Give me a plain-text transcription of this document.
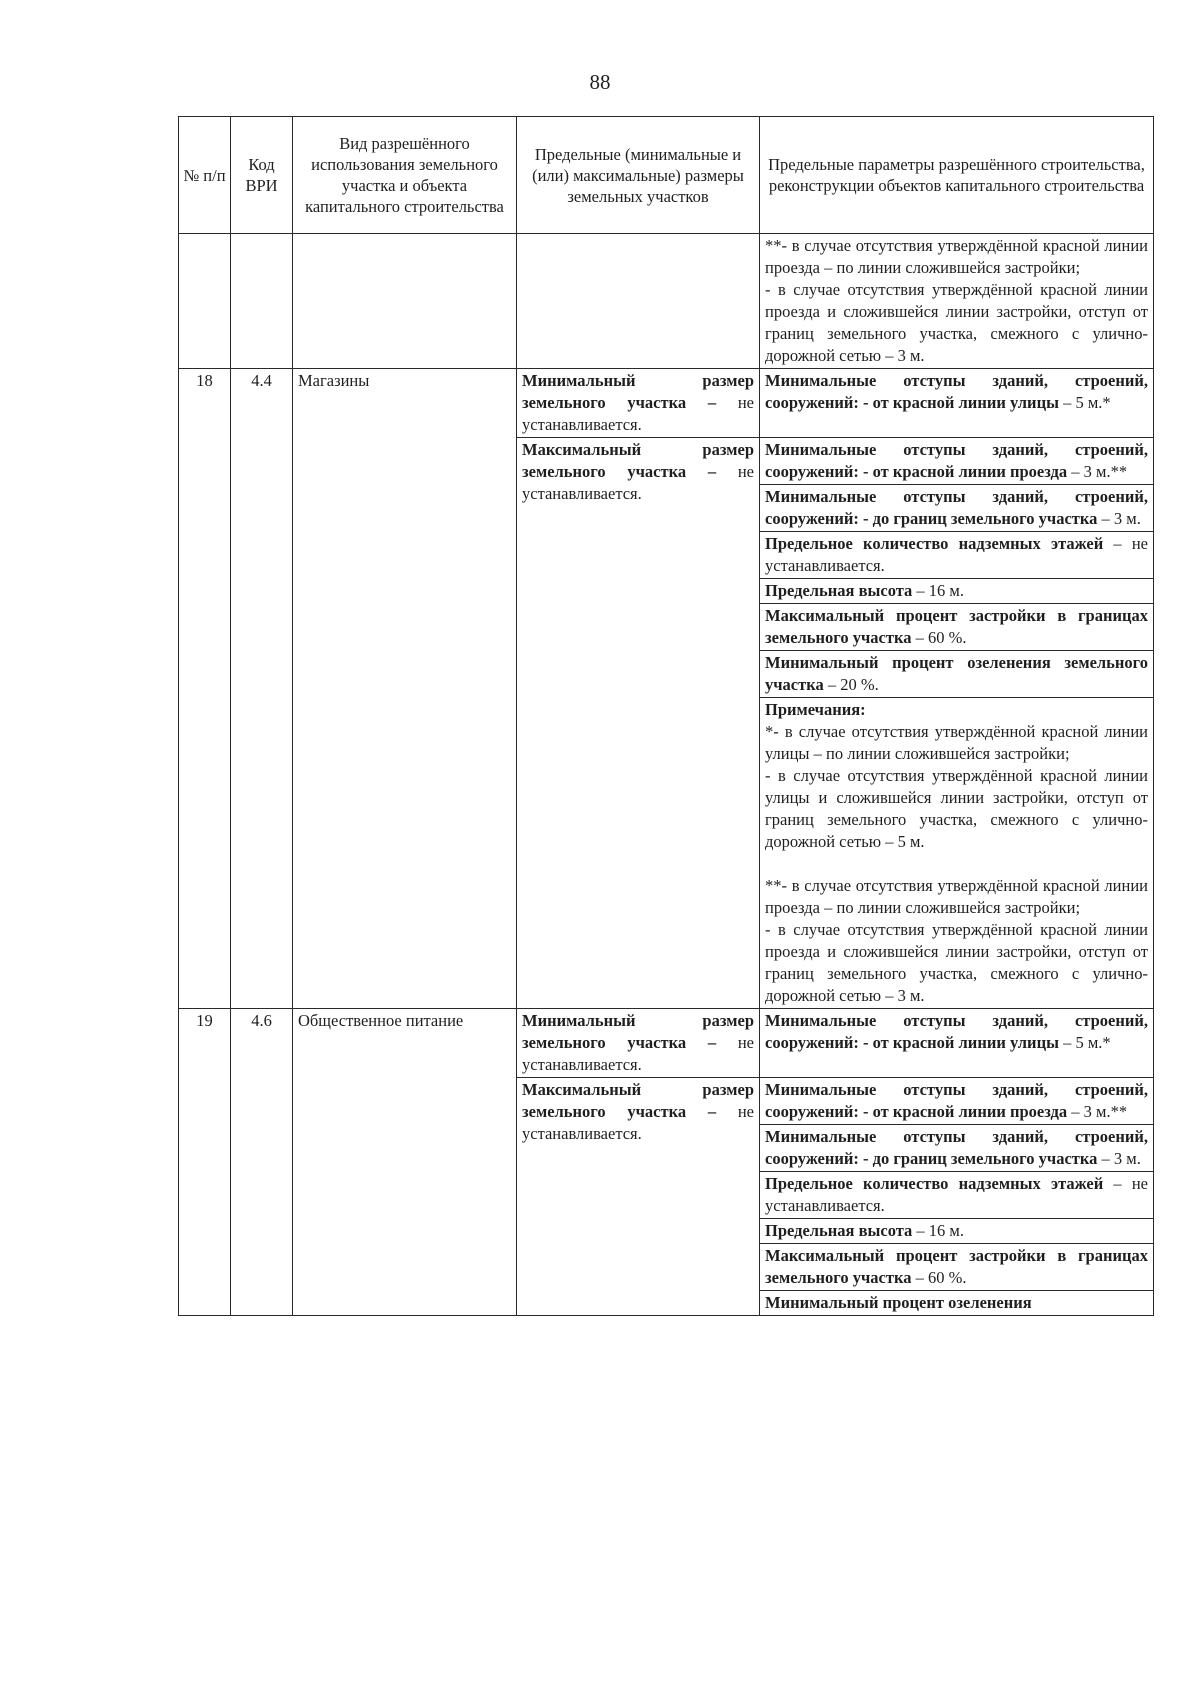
88
№ п/п	Код ВРИ	Вид разрешённого использования земельного участка и объекта капитального строительства	Предельные (минимальные и (или) максимальные) размеры земельных участков	Предельные параметры разрешённого строительства, реконструкции объектов капитального строительства

				**- в случае отсутствия утверждённой красной линии проезда – по линии сложившейся застройки;

- в случае отсутствия утверждённой красной линии проезда и сложившейся линии застройки, отступ от границ земельного участка, смежного с улично-дорожной сетью – 3 м.

18	4.4	Магазины	Минимальный размер земельного участка – не устанавливается.	Минимальные отступы зданий, строений, сооружений: - от красной линии улицы – 5 м.*
			Максимальный размер земельного участка – не устанавливается.	Минимальные отступы зданий, строений, сооружений: - от красной линии проезда – 3 м.**
				Минимальные отступы зданий, строений, сооружений: - до границ земельного участка – 3 м.
				Предельное количество надземных этажей – не устанавливается.
				Предельная высота – 16 м.
				Максимальный процент застройки в границах земельного участка – 60 %.
				Минимальный процент озеленения земельного участка – 20 %.

				Примечания:

*- в случае отсутствия утверждённой красной линии улицы – по линии сложившейся застройки;

- в случае отсутствия утверждённой красной линии улицы и сложившейся линии застройки, отступ от границ земельного участка, смежного с улично-дорожной сетью – 5 м.

**- в случае отсутствия утверждённой красной линии проезда – по линии сложившейся застройки;

- в случае отсутствия утверждённой красной линии проезда и сложившейся линии застройки, отступ от границ земельного участка, смежного с улично-дорожной сетью – 3 м.

19	4.6	Общественное питание	Минимальный размер земельного участка – не устанавливается.	Минимальные отступы зданий, строений, сооружений: - от красной линии улицы – 5 м.*
			Максимальный размер земельного участка – не устанавливается.	Минимальные отступы зданий, строений, сооружений: - от красной линии проезда – 3 м.**
				Минимальные отступы зданий, строений, сооружений: - до границ земельного участка – 3 м.
				Предельное количество надземных этажей – не устанавливается.
				Предельная высота – 16 м.
				Максимальный процент застройки в границах земельного участка – 60 %.
				Минимальный процент озеленения
